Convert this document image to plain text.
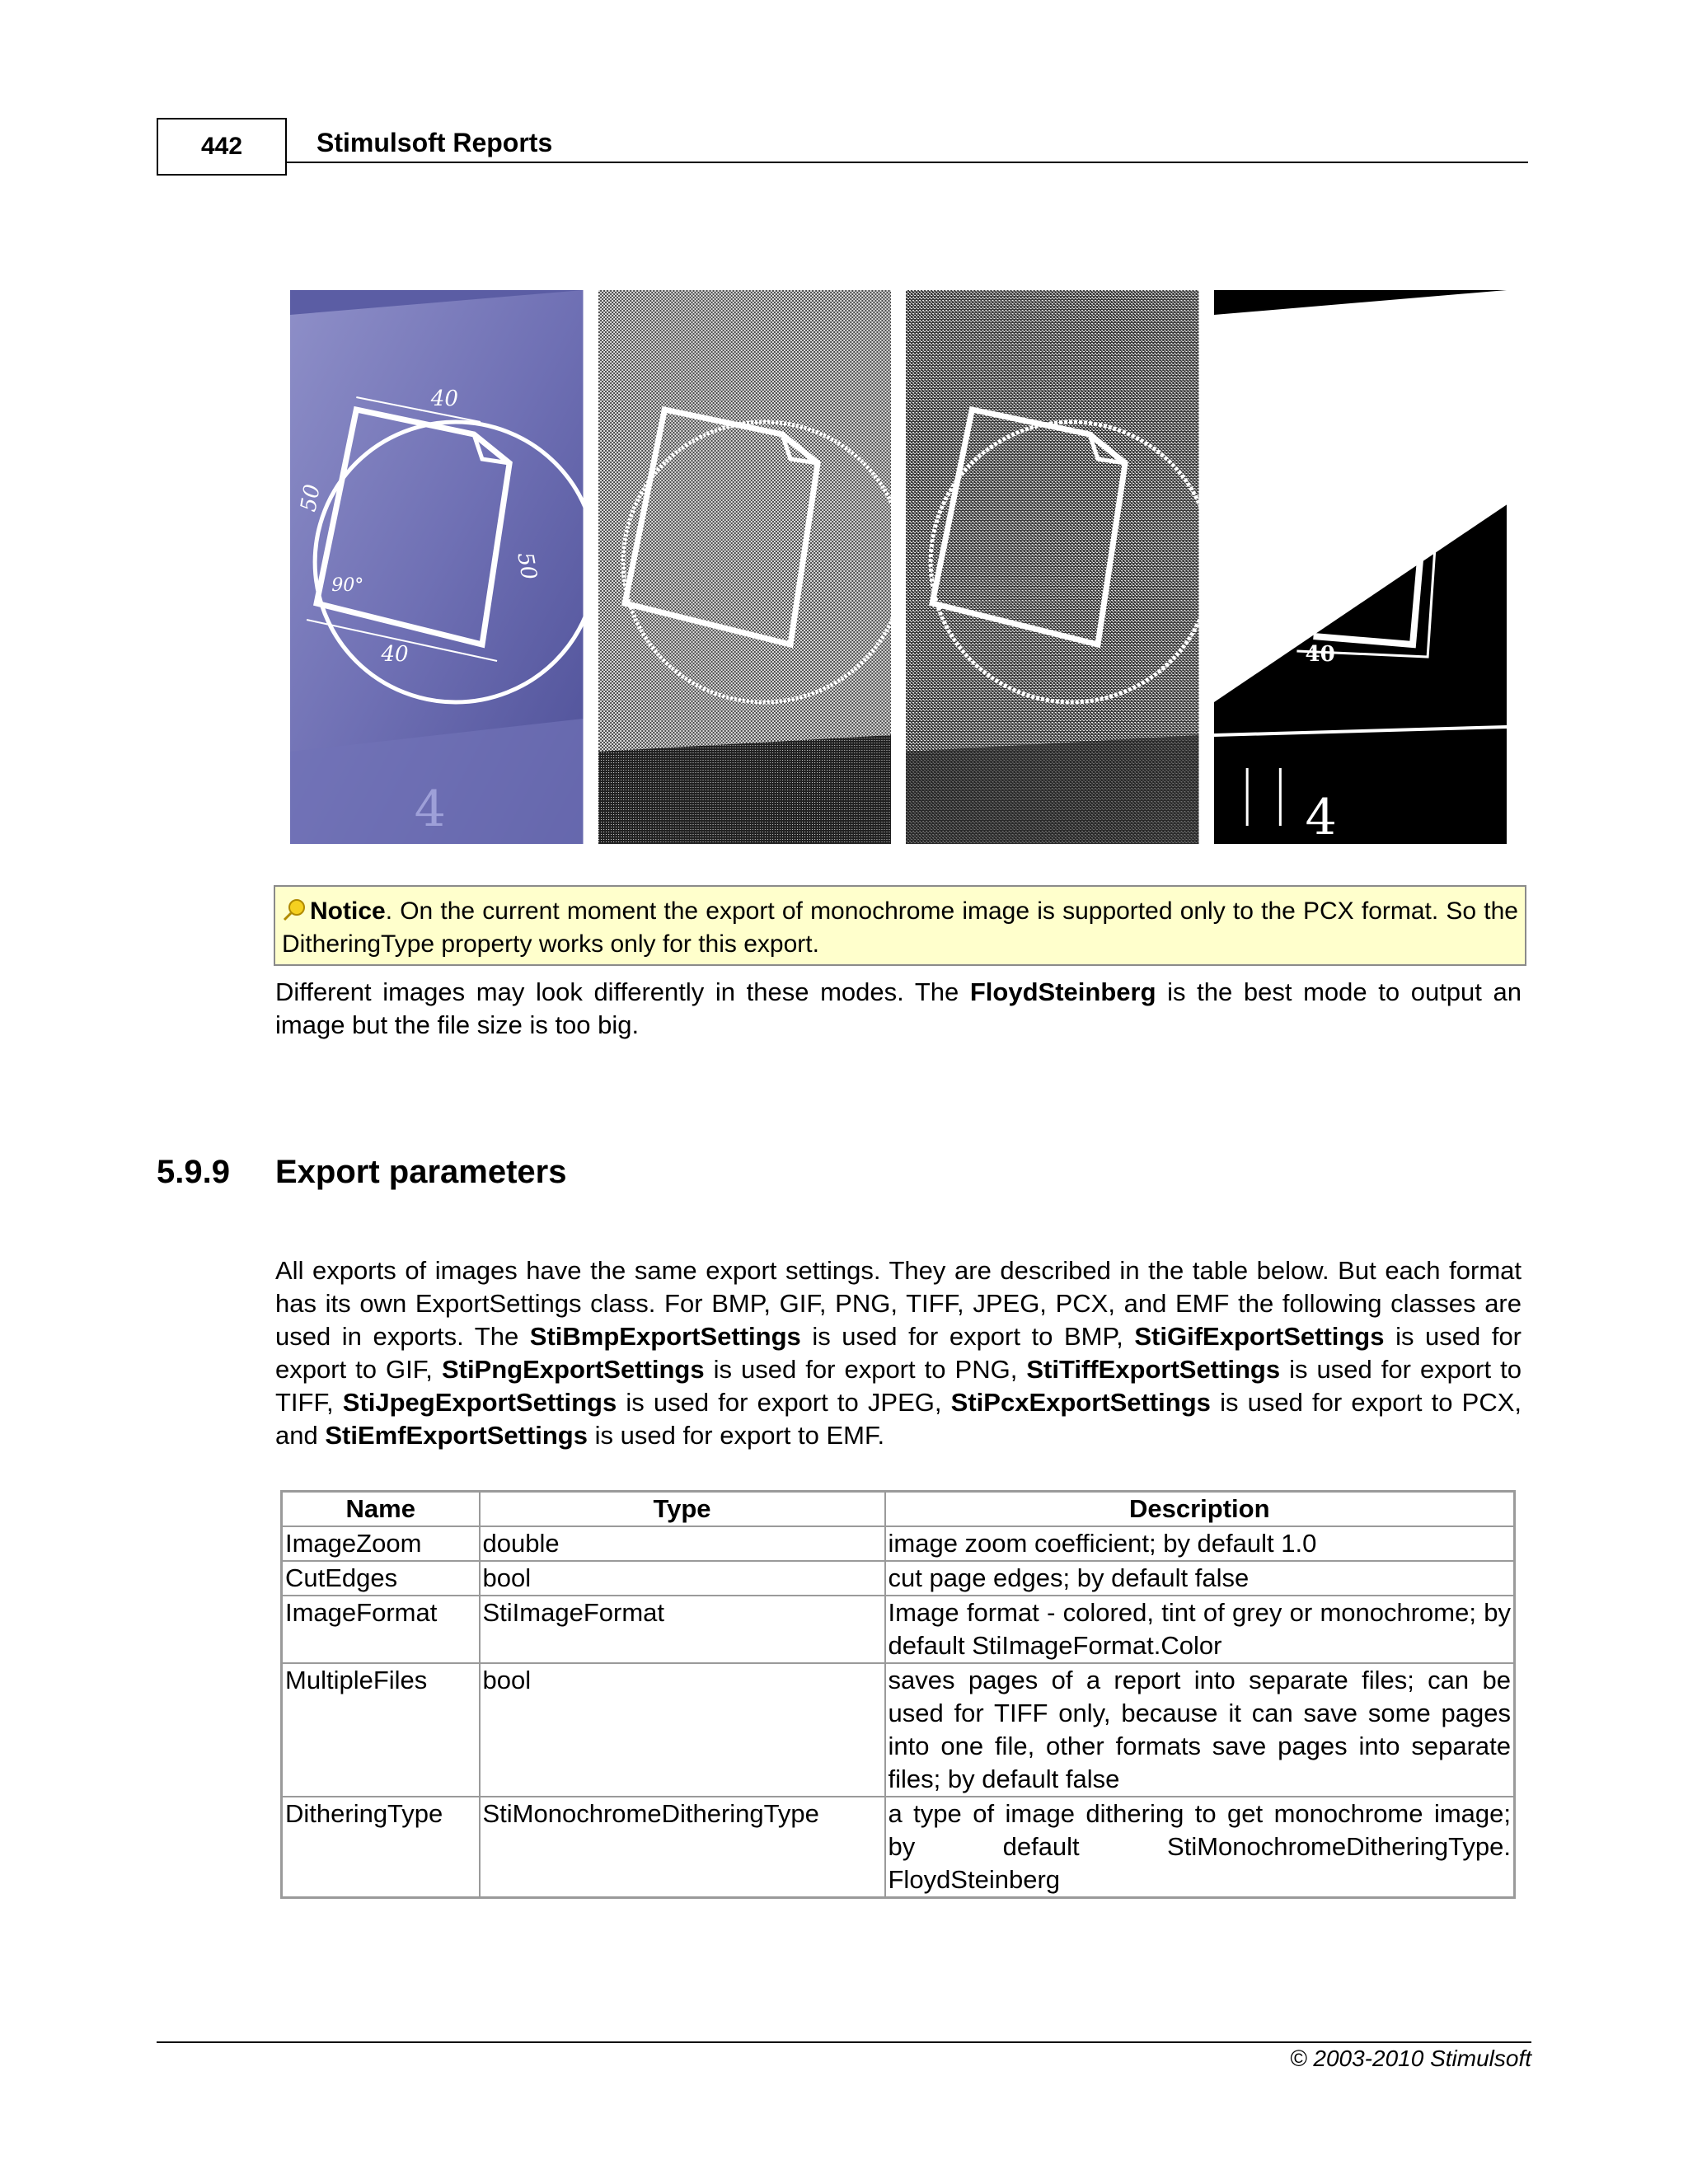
442	Stimulsoft Reports
40
50
50
90°
40
4	4
40
Notice. On the current moment the export of monochrome image is supported only to the PCX format. So the DitheringType property works only for this export.
Different images may look differently in these modes. The FloydSteinberg is the best mode to output an image but the file size is too big.
5.9.9 Export parameters
All exports of images have the same export settings. They are described in the table below. But each format has its own ExportSettings class. For BMP, GIF, PNG, TIFF, JPEG, PCX, and EMF the following classes are used in exports. The StiBmpExportSettings is used for export to BMP, StiGifExportSettings is used for export to GIF, StiPngExportSettings is used for export to PNG, StiTiffExportSettings is used for export to TIFF, StiJpegExportSettings is used for export to JPEG, StiPcxExportSettings is used for export to PCX, and StiEmfExportSettings is used for export to EMF.
Name	Type	Description
ImageZoom	double	image zoom coefficient; by default 1.0
CutEdges	bool	cut page edges; by default false
ImageFormat	StiImageFormat	Image format - colored, tint of grey or monochrome; by default StiImageFormat.Color
MultipleFiles	bool	saves pages of a report into separate files; can be used for TIFF only, because it can save some pages into one file, other formats save pages into separate files; by default false
DitheringType	StiMonochromeDitheringType	a type of image dithering to get monochrome image; by default StiMonochromeDitheringType. FloydSteinberg
© 2003-2010 Stimulsoft
